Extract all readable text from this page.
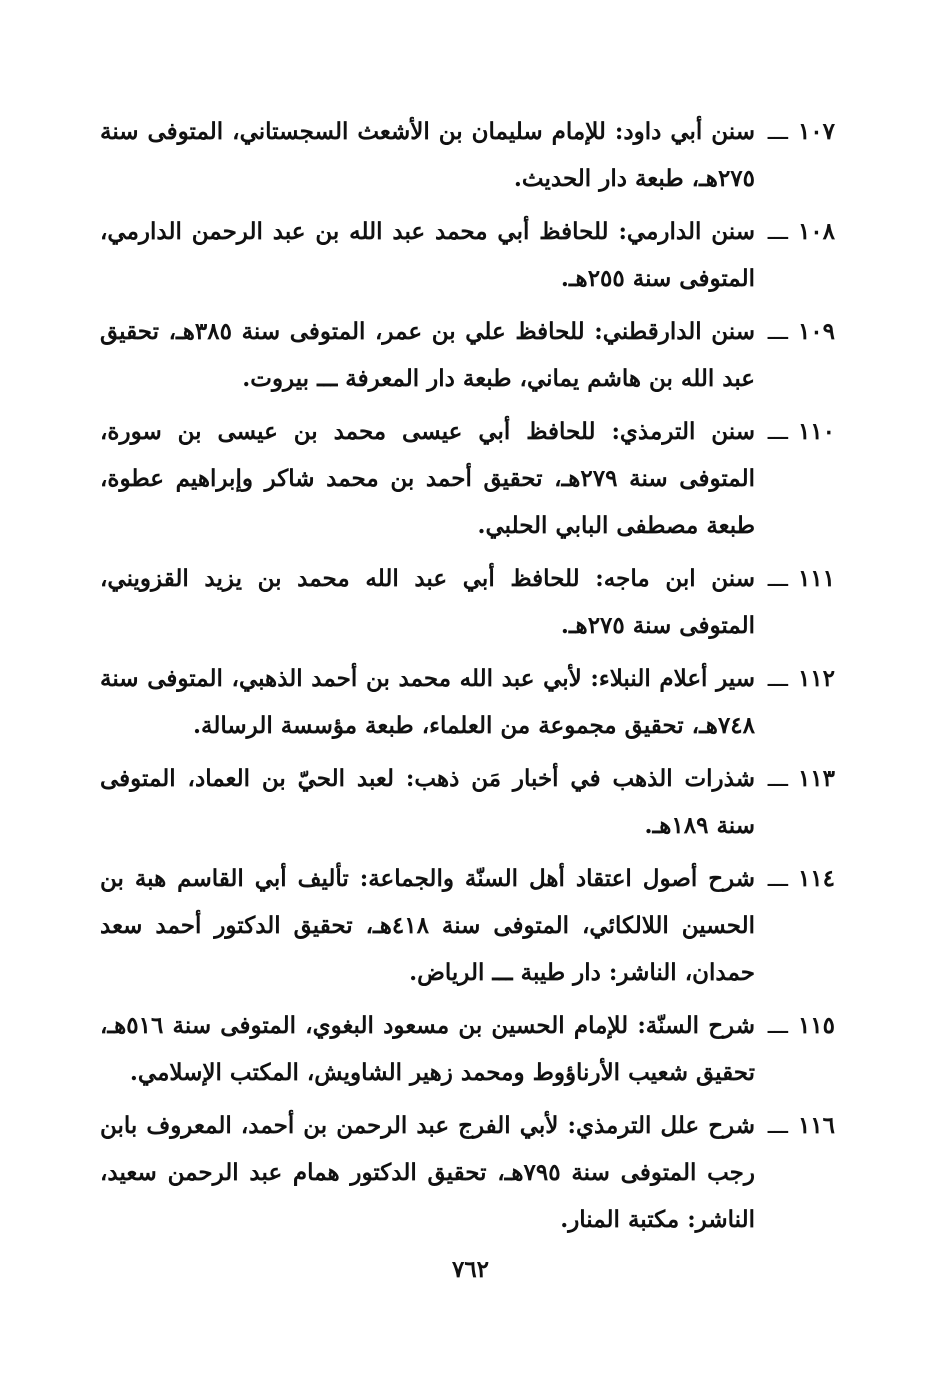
١٠٧ـــ
سنن أبي داود: للإمام سليمان بن الأشعث السجستاني، المتوفى سنة ٢٧٥هـ، طبعة دار الحديث.
١٠٨ـــ
سنن الدارمي: للحافظ أبي محمد عبد الله بن عبد الرحمن الدارمي، المتوفى سنة ٢٥٥هـ.
١٠٩ـــ
سنن الدارقطني: للحافظ علي بن عمر، المتوفى سنة ٣٨٥هـ، تحقيق عبد الله بن هاشم يماني، طبعة دار المعرفة ـــ بيروت.
١١٠ـــ
سنن الترمذي: للحافظ أبي عيسى محمد بن عيسى بن سورة، المتوفى سنة ٢٧٩هـ، تحقيق أحمد بن محمد شاكر وإبراهيم عطوة، طبعة مصطفى البابي الحلبي.
١١١ـــ
سنن ابن ماجه: للحافظ أبي عبد الله محمد بن يزيد القزويني، المتوفى سنة ٢٧٥هـ.
١١٢ـــ
سير أعلام النبلاء: لأبي عبد الله محمد بن أحمد الذهبي، المتوفى سنة ٧٤٨هـ، تحقيق مجموعة من العلماء، طبعة مؤسسة الرسالة.
١١٣ـــ
شذرات الذهب في أخبار مَن ذهب: لعبد الحيّ بن العماد، المتوفى سنة ١٨٩هـ.
١١٤ـــ
شرح أصول اعتقاد أهل السنّة والجماعة: تأليف أبي القاسم هبة بن الحسين اللالكائي، المتوفى سنة ٤١٨هـ، تحقيق الدكتور أحمد سعد حمدان، الناشر: دار طيبة ـــ الرياض.
١١٥ـــ
شرح السنّة: للإمام الحسين بن مسعود البغوي، المتوفى سنة ٥١٦هـ، تحقيق شعيب الأرناؤوط ومحمد زهير الشاويش، المكتب الإسلامي.
١١٦ـــ
شرح علل الترمذي: لأبي الفرج عبد الرحمن بن أحمد، المعروف بابن رجب المتوفى سنة ٧٩٥هـ، تحقيق الدكتور همام عبد الرحمن سعيد، الناشر: مكتبة المنار.
٧٦٢
